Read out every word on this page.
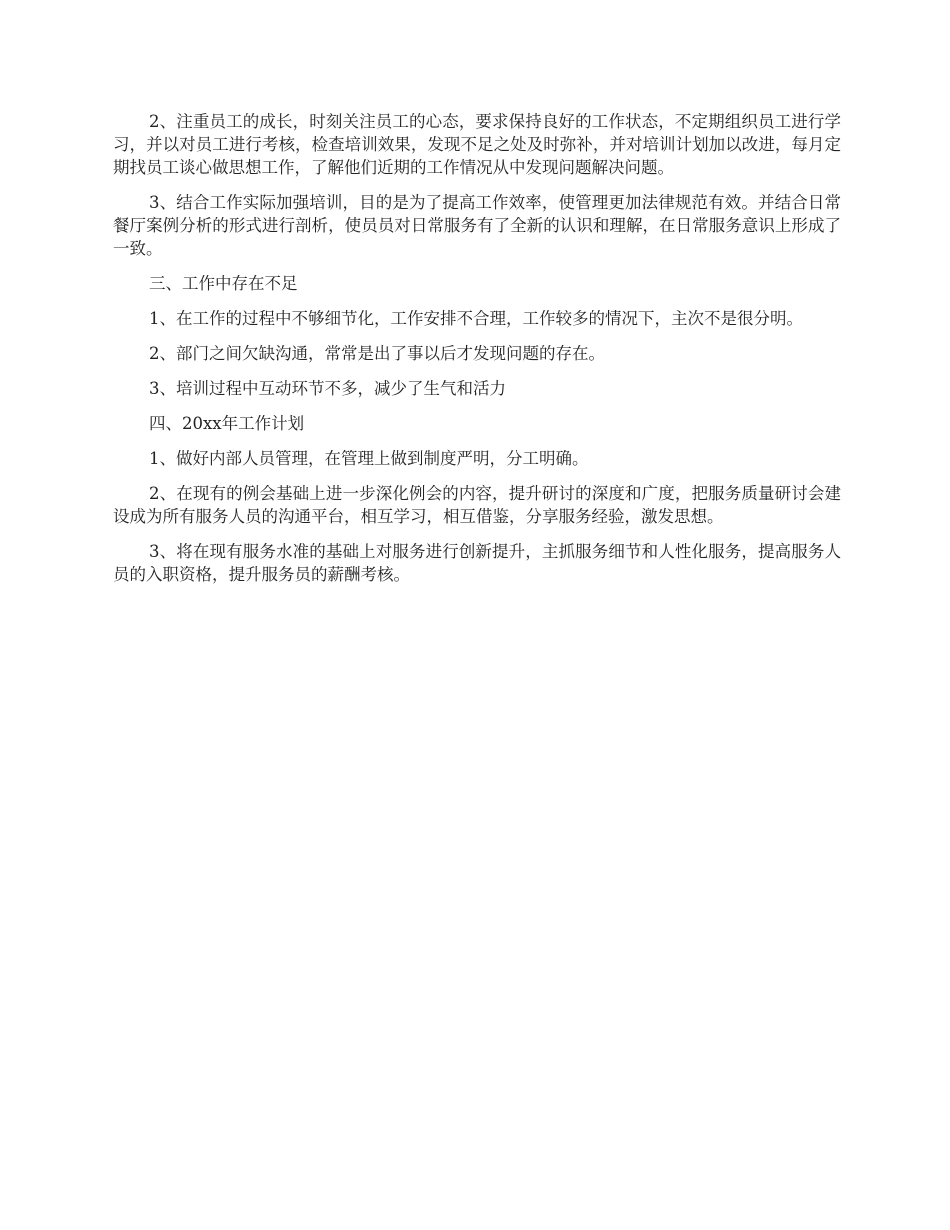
2、注重员工的成长，时刻关注员工的心态，要求保持良好的工作状态，不定期组织员工进行学习，并以对员工进行考核，检查培训效果，发现不足之处及时弥补，并对培训计划加以改进，每月定期找员工谈心做思想工作，了解他们近期的工作情况从中发现问题解决问题。

3、结合工作实际加强培训，目的是为了提高工作效率，使管理更加法律规范有效。并结合日常餐厅案例分析的形式进行剖析，使员员对日常服务有了全新的认识和理解，在日常服务意识上形成了一致。

三、工作中存在不足

1、在工作的过程中不够细节化，工作安排不合理，工作较多的情况下，主次不是很分明。

2、部门之间欠缺沟通，常常是出了事以后才发现问题的存在。

3、培训过程中互动环节不多，减少了生气和活力

四、20xx年工作计划

1、做好内部人员管理，在管理上做到制度严明，分工明确。

2、在现有的例会基础上进一步深化例会的内容，提升研讨的深度和广度，把服务质量研讨会建设成为所有服务人员的沟通平台，相互学习，相互借鉴，分享服务经验，激发思想。

3、将在现有服务水准的基础上对服务进行创新提升，主抓服务细节和人性化服务，提高服务人员的入职资格，提升服务员的薪酬考核。
